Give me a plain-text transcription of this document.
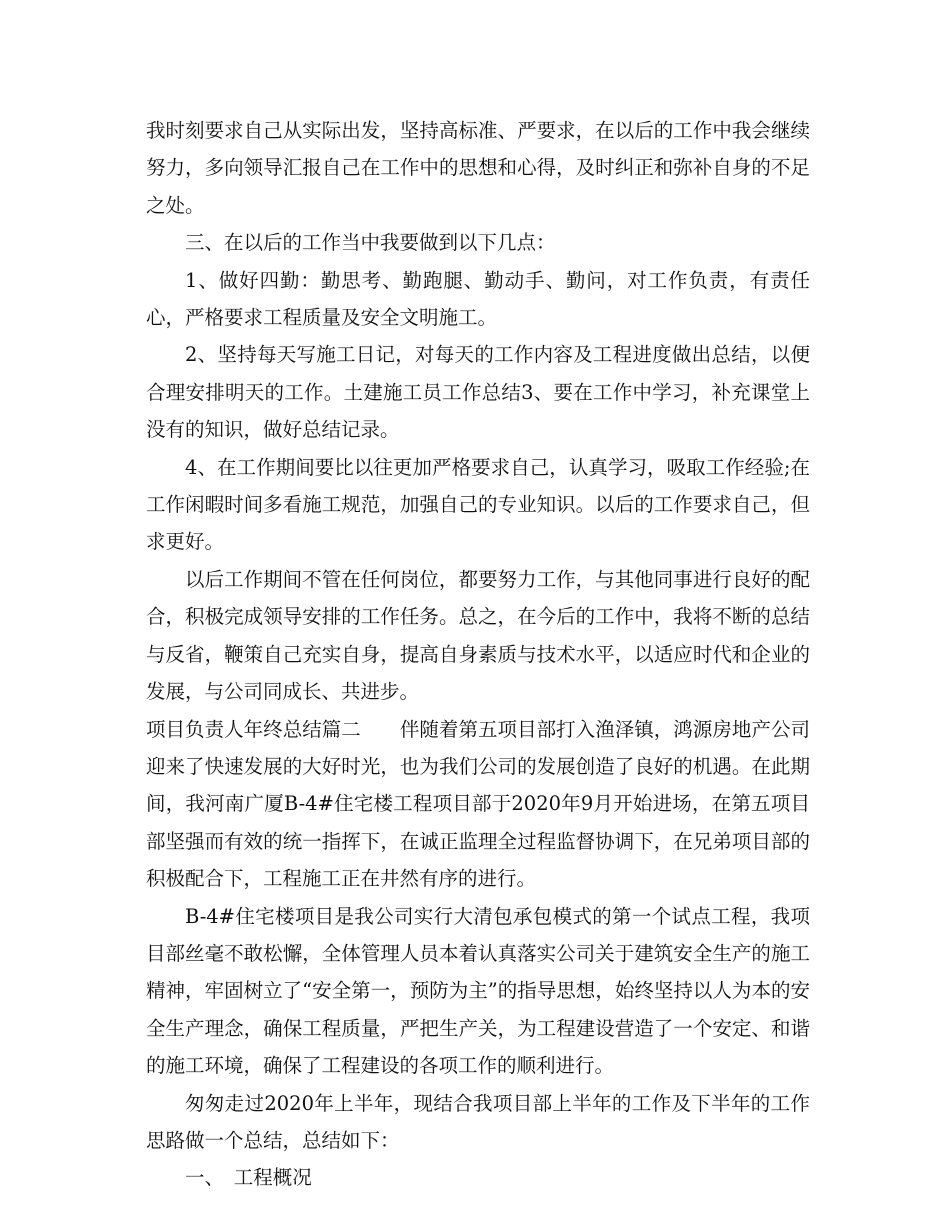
我时刻要求自己从实际出发，坚持高标准、严要求，在以后的工作中我会继续努力，多向领导汇报自己在工作中的思想和心得，及时纠正和弥补自身的不足之处。

三、在以后的工作当中我要做到以下几点：

1、做好四勤：勤思考、勤跑腿、勤动手、勤问，对工作负责，有责任心，严格要求工程质量及安全文明施工。

2、坚持每天写施工日记，对每天的工作内容及工程进度做出总结，以便合理安排明天的工作。土建施工员工作总结3、要在工作中学习，补充课堂上没有的知识，做好总结记录。

4、在工作期间要比以往更加严格要求自己，认真学习，吸取工作经验;在工作闲暇时间多看施工规范，加强自己的专业知识。以后的工作要求自己，但求更好。

以后工作期间不管在任何岗位，都要努力工作，与其他同事进行良好的配合，积极完成领导安排的工作任务。总之，在今后的工作中，我将不断的总结与反省，鞭策自己充实自身，提高自身素质与技术水平，以适应时代和企业的发展，与公司同成长、共进步。

项目负责人年终总结篇二　　伴随着第五项目部打入渔泽镇，鸿源房地产公司迎来了快速发展的大好时光，也为我们公司的发展创造了良好的机遇。在此期间，我河南广厦B-4#住宅楼工程项目部于2020年9月开始进场，在第五项目部坚强而有效的统一指挥下，在诚正监理全过程监督协调下，在兄弟项目部的积极配合下，工程施工正在井然有序的进行。

B-4#住宅楼项目是我公司实行大清包承包模式的第一个试点工程，我项目部丝毫不敢松懈，全体管理人员本着认真落实公司关于建筑安全生产的施工精神，牢固树立了“安全第一，预防为主”的指导思想，始终坚持以人为本的安全生产理念，确保工程质量，严把生产关，为工程建设营造了一个安定、和谐的施工环境，确保了工程建设的各项工作的顺利进行。

匆匆走过2020年上半年，现结合我项目部上半年的工作及下半年的工作思路做一个总结，总结如下：

一、　工程概况
